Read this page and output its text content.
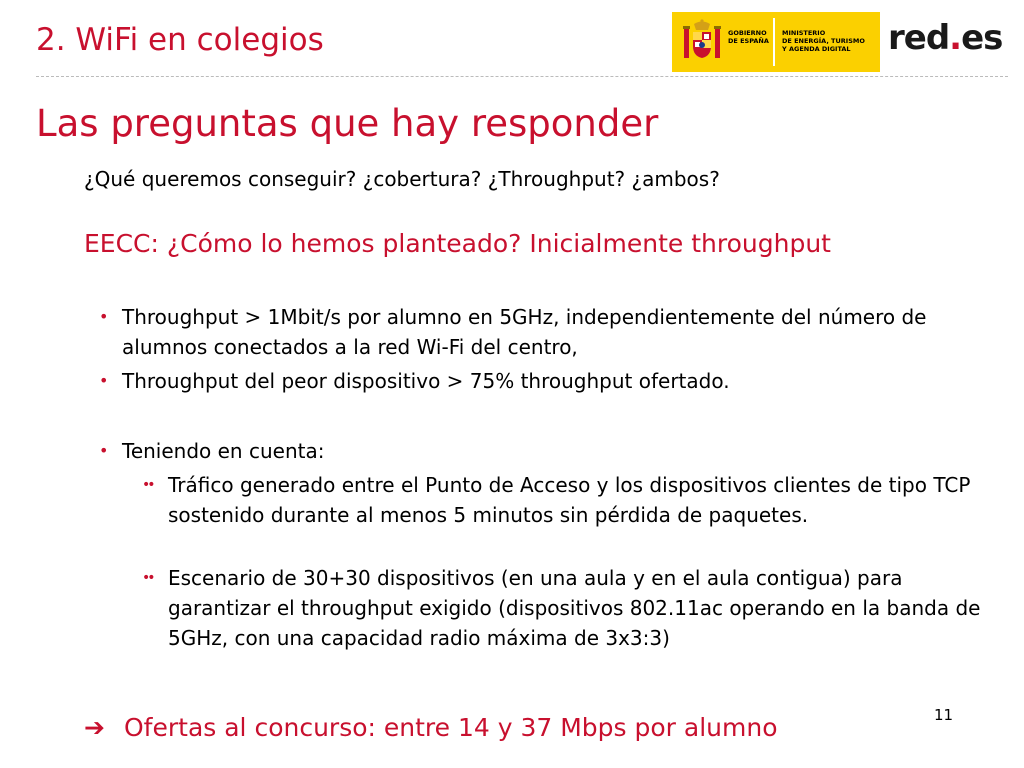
2. WiFi en colegios	GOBIERNO
DE ESPAÑA
MINISTERIO
DE ENERGÍA, TURISMO
Y AGENDA DIGITAL	red.es
Las preguntas que hay responder
¿Qué queremos conseguir? ¿cobertura? ¿Throughput? ¿ambos?
EECC: ¿Cómo lo hemos planteado? Inicialmente throughput
• Throughput > 1Mbit/s por alumno en 5GHz, independientemente del número de alumnos conectados a la red Wi-Fi del centro,
• Throughput del peor dispositivo > 75% throughput ofertado.
• Teniendo en cuenta:
•• Tráfico generado entre el Punto de Acceso y los dispositivos clientes de tipo TCP sostenido durante al menos 5 minutos sin pérdida de paquetes.
•• Escenario de 30+30 dispositivos (en una aula y en el aula contigua) para garantizar el throughput exigido (dispositivos 802.11ac operando en la banda de 5GHz, con una capacidad radio máxima de 3x3:3)
➔ Ofertas al concurso: entre 14 y 37 Mbps por alumno	11
